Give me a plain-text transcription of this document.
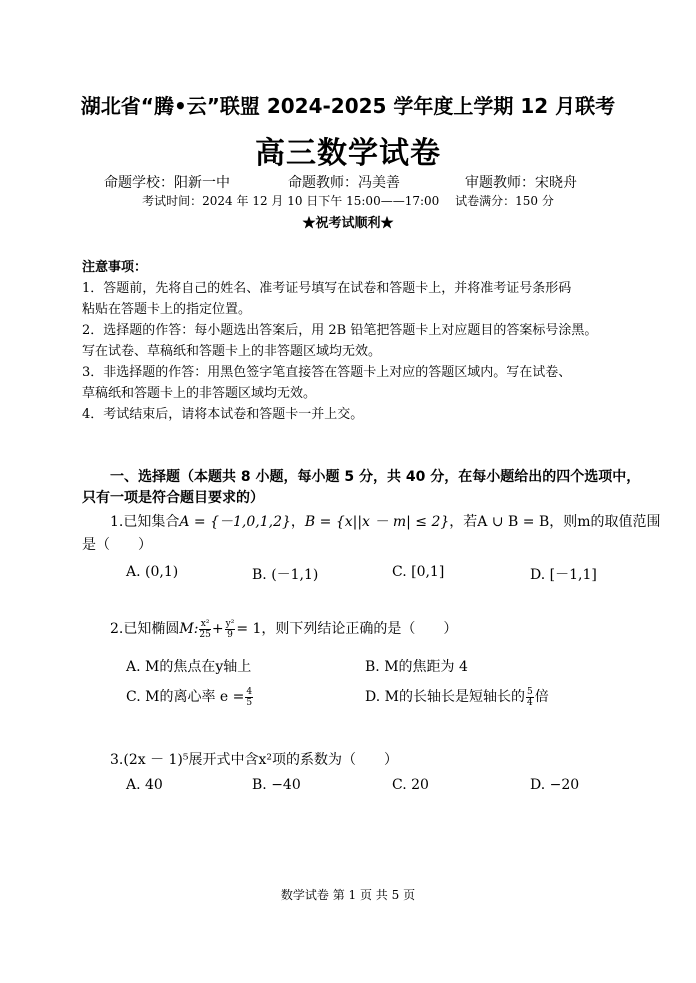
湖北省“腾•云”联盟 2024-2025 学年度上学期 12 月联考
高三数学试卷
命题学校：阳新一中	命题教师：冯美善	审题教师：宋晓舟
考试时间：2024 年 12 月 10 日下午 15:00——17:00　 试卷满分：150 分
★祝考试顺利★
注意事项：
1．答题前，先将自己的姓名、准考证号填写在试卷和答题卡上，并将准考证号条形码
粘贴在答题卡上的指定位置。
2．选择题的作答：每小题选出答案后，用 2B 铅笔把答题卡上对应题目的答案标号涂黑。
写在试卷、草稿纸和答题卡上的非答题区域均无效。
3．非选择题的作答：用黑色签字笔直接答在答题卡上对应的答题区域内。写在试卷、
草稿纸和答题卡上的非答题区域均无效。
4．考试结束后，请将本试卷和答题卡一并上交。
一、选择题（本题共 8 小题，每小题 5 分，共 40 分，在每小题给出的四个选项中，
只有一项是符合题目要求的）
1.已知集合A = {－1,0,1,2}，B = {x||x － m| ≤ 2}，若A ∪ B = B，则m的取值范围
是（　　）
A. (0,1)	B. (－1,1)	C. [0,1]	D. [－1,1]
2.已知椭圆M: $\frac{\text{x²}}{25} + \frac{\text{y²}}{9} = 1$，则下列结论正确的是（　　）
A. M的焦点在y轴上	B. M的焦距为 4
C. M的离心率 $e = \frac{4}{5}$	D. M的长轴长是短轴长的 $\frac{5}{4}$ 倍
3.(2x － 1)⁵展开式中含x²项的系数为（　　）
A. 40	B. −40	C. 20	D. −20
数学试卷 第 1 页 共 5 页
